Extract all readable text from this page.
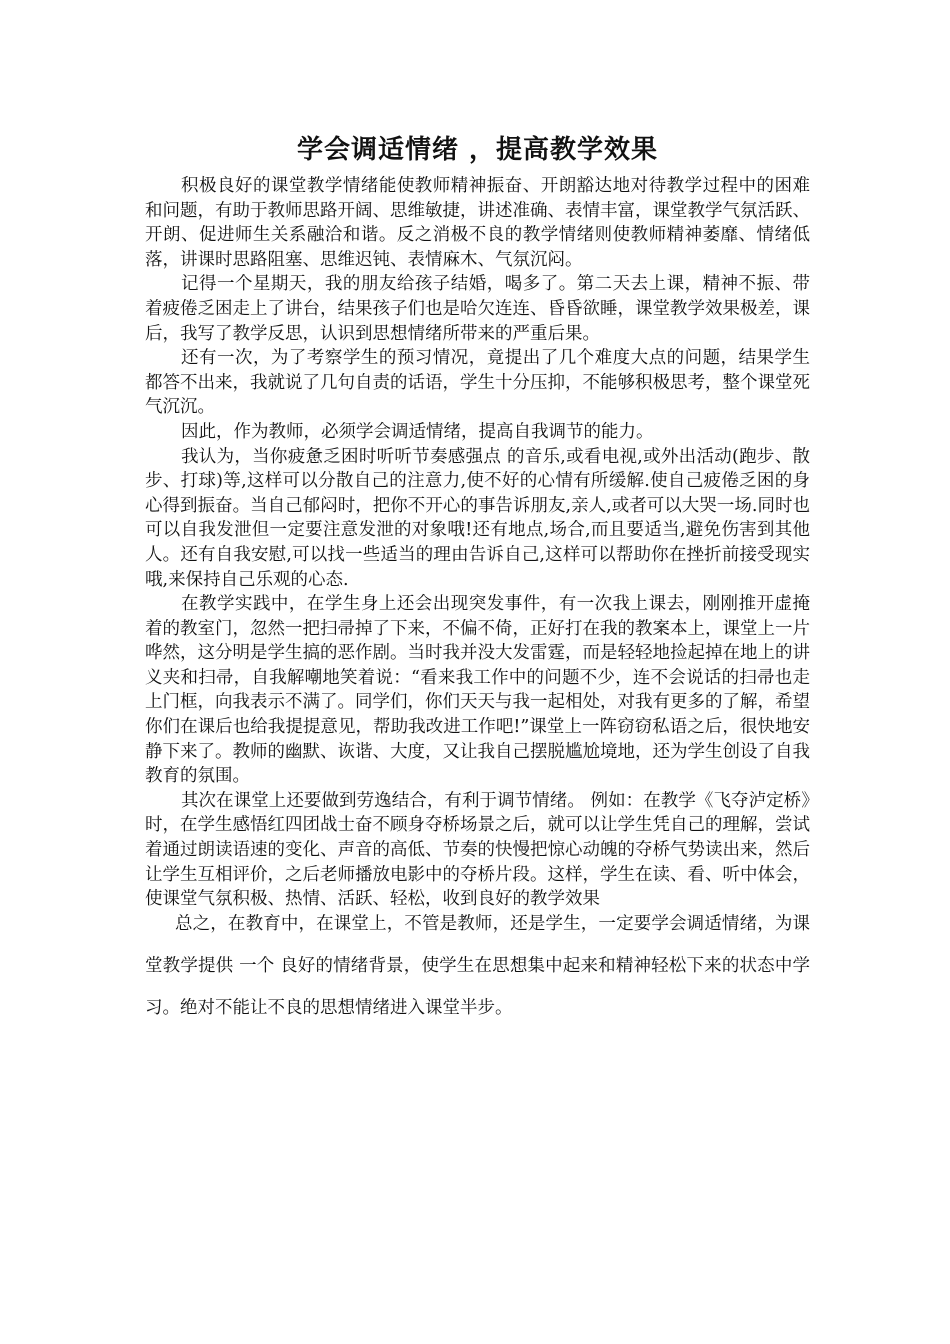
学会调适情绪 ，提高教学效果

积极良好的课堂教学情绪能使教师精神振奋、开朗豁达地对待教学过程中的困难和问题，有助于教师思路开阔、思维敏捷，讲述准确、表情丰富，课堂教学气氛活跃、开朗、促进师生关系融洽和谐。反之消极不良的教学情绪则使教师精神萎靡、情绪低落，讲课时思路阻塞、思维迟钝、表情麻木、气氛沉闷。

记得一个星期天，我的朋友给孩子结婚，喝多了。第二天去上课，精神不振、带着疲倦乏困走上了讲台，结果孩子们也是哈欠连连、昏昏欲睡，课堂教学效果极差，课后，我写了教学反思，认识到思想情绪所带来的严重后果。

还有一次，为了考察学生的预习情况，竟提出了几个难度大点的问题，结果学生都答不出来，我就说了几句自责的话语，学生十分压抑，不能够积极思考，整个课堂死气沉沉。

因此，作为教师，必须学会调适情绪，提高自我调节的能力。

我认为，当你疲惫乏困时听听节奏感强点 的音乐,或看电视,或外出活动(跑步、散步、打球)等,这样可以分散自己的注意力,使不好的心情有所缓解.使自己疲倦乏困的身心得到振奋。当自己郁闷时，把你不开心的事告诉朋友,亲人,或者可以大哭一场.同时也可以自我发泄但一定要注意发泄的对象哦!还有地点,场合,而且要适当,避免伤害到其他人。还有自我安慰,可以找一些适当的理由告诉自己,这样可以帮助你在挫折前接受现实哦,来保持自己乐观的心态.

在教学实践中，在学生身上还会出现突发事件，有一次我上课去，刚刚推开虚掩着的教室门，忽然一把扫帚掉了下来，不偏不倚，正好打在我的教案本上，课堂上一片哗然，这分明是学生搞的恶作剧。当时我并没大发雷霆，而是轻轻地捡起掉在地上的讲义夹和扫帚，自我解嘲地笑着说：“看来我工作中的问题不少，连不会说话的扫帚也走上门框，向我表示不满了。同学们，你们天天与我一起相处，对我有更多的了解，希望你们在课后也给我提提意见，帮助我改进工作吧!”课堂上一阵窃窃私语之后，很快地安静下来了。教师的幽默、诙谐、大度，又让我自己摆脱尴尬境地，还为学生创设了自我教育的氛围。

其次在课堂上还要做到劳逸结合，有利于调节情绪。 例如：在教学《飞夺泸定桥》时，在学生感悟红四团战士奋不顾身夺桥场景之后，就可以让学生凭自己的理解，尝试着通过朗读语速的变化、声音的高低、节奏的快慢把惊心动魄的夺桥气势读出来，然后让学生互相评价，之后老师播放电影中的夺桥片段。这样，学生在读、看、听中体会，使课堂气氛积极、热情、活跃、轻松，收到良好的教学效果

总之，在教育中，在课堂上，不管是教师，还是学生，一定要学会调适情绪，为课堂教学提供 一个 良好的情绪背景，使学生在思想集中起来和精神轻松下来的状态中学习。绝对不能让不良的思想情绪进入课堂半步。
